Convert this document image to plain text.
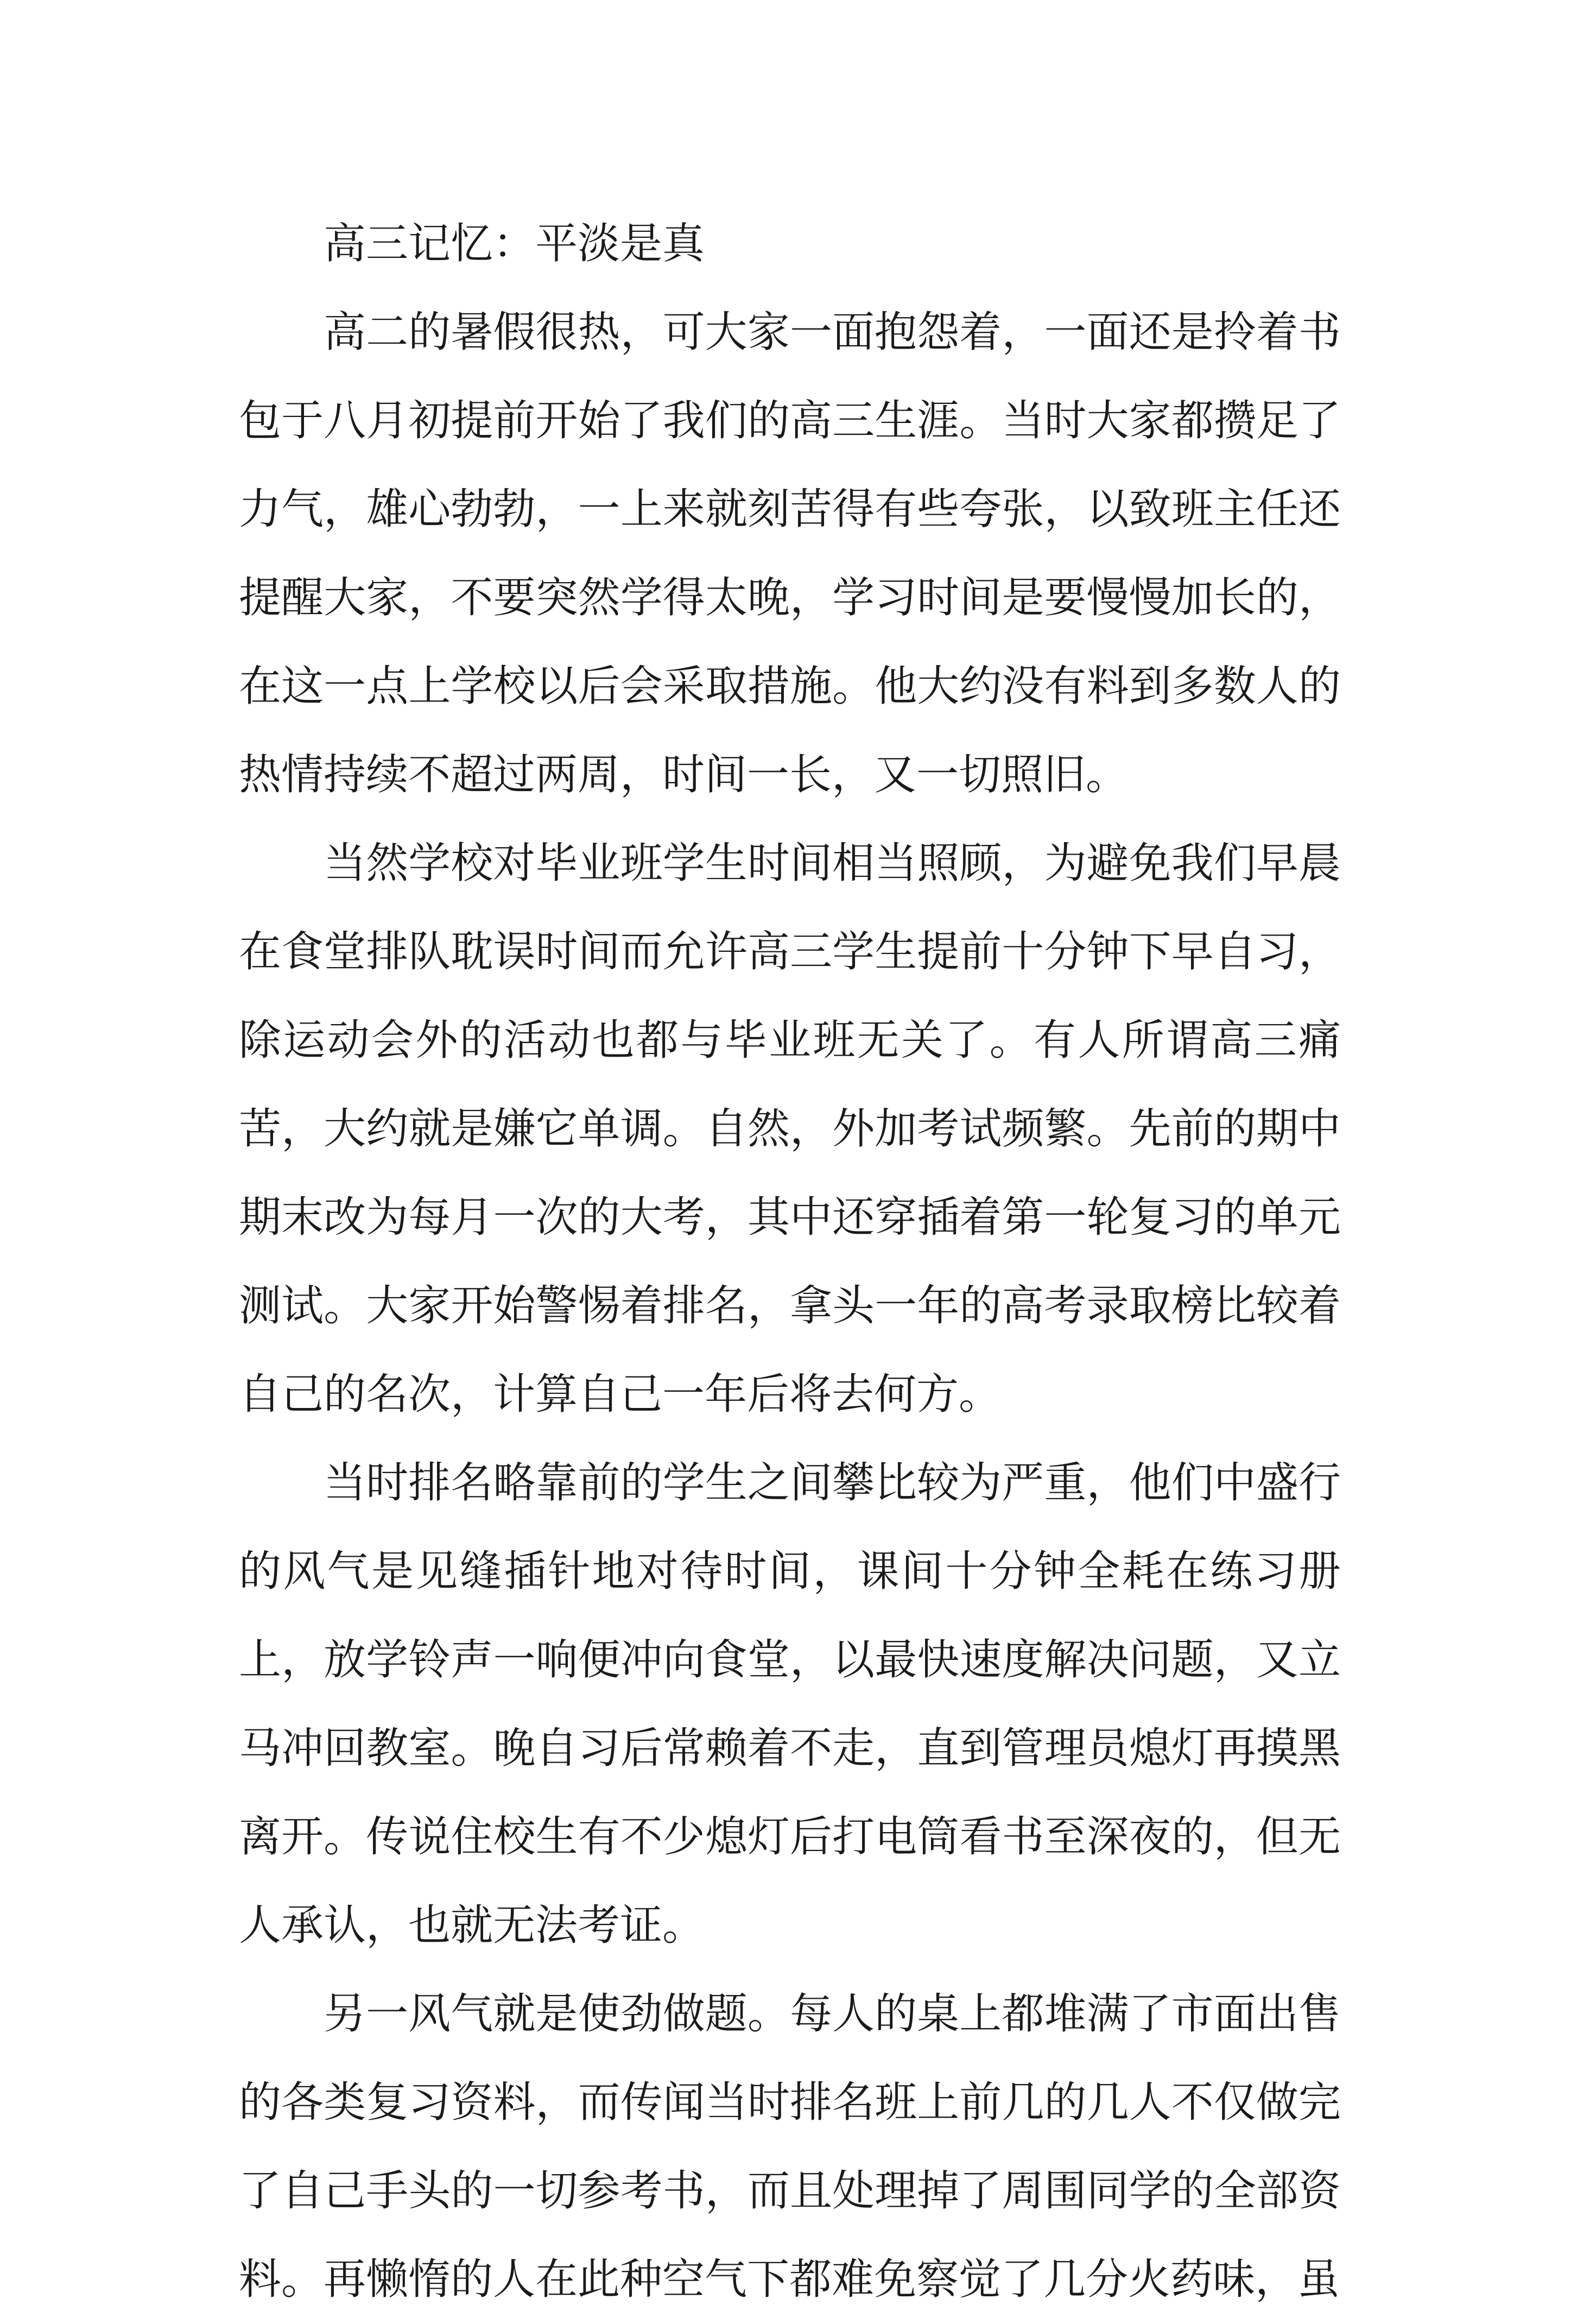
高三记忆：平淡是真

高二的暑假很热，可大家一面抱怨着，一面还是拎着书包于八月初提前开始了我们的高三生涯。当时大家都攒足了力气，雄心勃勃，一上来就刻苦得有些夸张，以致班主任还提醒大家，不要突然学得太晚，学习时间是要慢慢加长的，在这一点上学校以后会采取措施。他大约没有料到多数人的热情持续不超过两周，时间一长，又一切照旧。

当然学校对毕业班学生时间相当照顾，为避免我们早晨在食堂排队耽误时间而允许高三学生提前十分钟下早自习，除运动会外的活动也都与毕业班无关了。有人所谓高三痛苦，大约就是嫌它单调。自然，外加考试频繁。先前的期中期末改为每月一次的大考，其中还穿插着第一轮复习的单元测试。大家开始警惕着排名，拿头一年的高考录取榜比较着自己的名次，计算自己一年后将去何方。

当时排名略靠前的学生之间攀比较为严重，他们中盛行的风气是见缝插针地对待时间，课间十分钟全耗在练习册上，放学铃声一响便冲向食堂，以最快速度解决问题，又立马冲回教室。晚自习后常赖着不走，直到管理员熄灯再摸黑离开。传说住校生有不少熄灯后打电筒看书至深夜的，但无人承认，也就无法考证。

另一风气就是使劲做题。每人的桌上都堆满了市面出售的各类复习资料，而传闻当时排名班上前几的几人不仅做完了自己手头的一切参考书，而且处理掉了周围同学的全部资料。再懒惰的人在此种空气下都难免察觉了几分火药味，虽
